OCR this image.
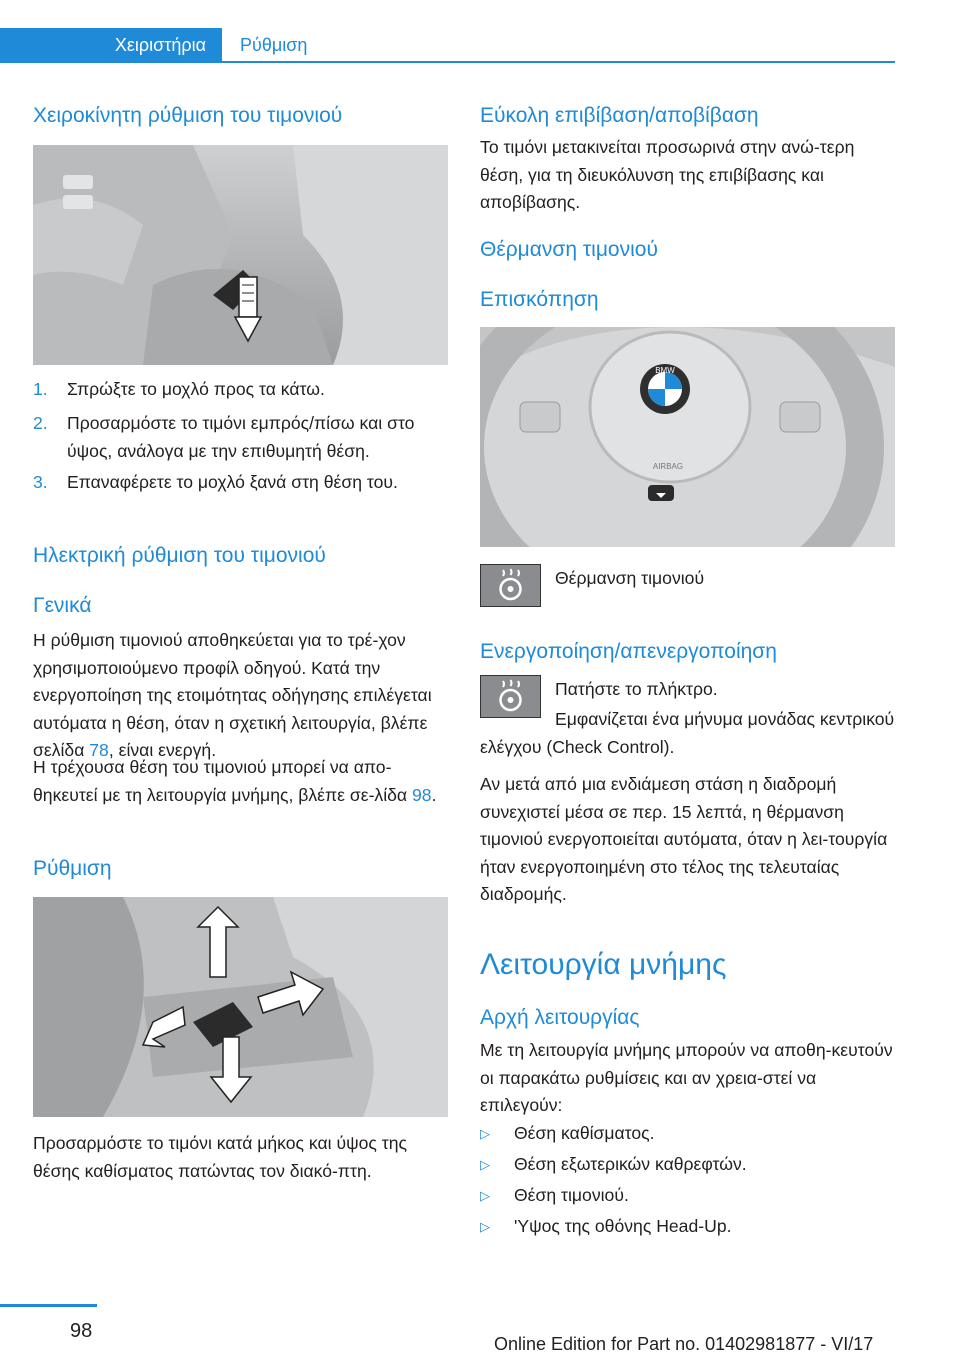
Χειριστήρια	Ρύθμιση
Χειροκίνητη ρύθμιση του τιμονιού
1. Σπρώξτε το μοχλό προς τα κάτω.
2. Προσαρμόστε το τιμόνι εμπρός/πίσω και στο ύψος, ανάλογα με την επιθυμητή θέση.
3. Επαναφέρετε το μοχλό ξανά στη θέση του.
Ηλεκτρική ρύθμιση του τιμονιού
Γενικά

Η ρύθμιση τιμονιού αποθηκεύεται για το τρέ-χον χρησιμοποιούμενο προφίλ οδηγού. Κατά την ενεργοποίηση της ετοιμότητας οδήγησης επιλέγεται αυτόματα η θέση, όταν η σχετική λειτουργία, βλέπε σελίδα 78, είναι ενεργή.

Η τρέχουσα θέση του τιμονιού μπορεί να απο-θηκευτεί με τη λειτουργία μνήμης, βλέπε σε-λίδα 98.

Ρύθμιση

Προσαρμόστε το τιμόνι κατά μήκος και ύψος της θέσης καθίσματος πατώντας τον διακό-πτη.

Εύκολη επιβίβαση/αποβίβαση

Το τιμόνι μετακινείται προσωρινά στην ανώ-τερη θέση, για τη διευκόλυνση της επιβίβασης και αποβίβασης.

Θέρμανση τιμονιού
Επισκόπηση
BMW
AIRBAG

Θέρμανση τιμονιού

Ενεργοποίηση/απενεργοποίηση

Πατήστε το πλήκτρο.

Εμφανίζεται ένα μήνυμα μονάδας κεντρικού ελέγχου (Check Control).

Αν μετά από μια ενδιάμεση στάση η διαδρομή συνεχιστεί μέσα σε περ. 15 λεπτά, η θέρμανση τιμονιού ενεργοποιείται αυτόματα, όταν η λει-τουργία ήταν ενεργοποιημένη στο τέλος της τελευταίας διαδρομής.

Λειτουργία μνήμης
Αρχή λειτουργίας

Με τη λειτουργία μνήμης μπορούν να αποθη-κευτούν οι παρακάτω ρυθμίσεις και αν χρεια-στεί να επιλεγούν:

▷ Θέση καθίσματος.
▷ Θέση εξωτερικών καθρεφτών.
▷ Θέση τιμονιού.
▷ 'Υψος της οθόνης Head-Up.
98
Online Edition for Part no. 01402981877 - VI/17
